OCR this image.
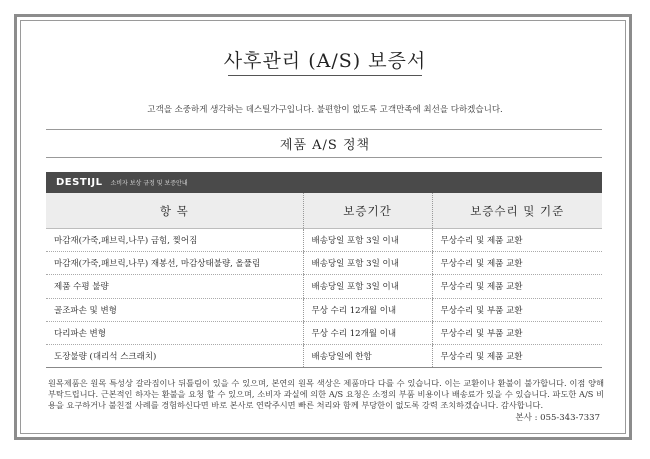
사후관리 (A/S) 보증서
고객을 소중하게 생각하는 데스틸가구입니다. 불편함이 없도록 고객만족에 최선을 다하겠습니다.
제품 A/S 정책
DESTIJL 소비자 보상 규정 및 보증안내
항 목	보증기간	보증수리 및 기준
마감재(가죽,패브릭,나무) 금힘, 찢어짐	배송당일 포함 3일 이내	무상수리 및 제품 교환
마감재(가죽,패브릭,나무) 재봉선, 마감상태불량, 올풀림	배송당일 포함 3일 이내	무상수리 및 제품 교환
제품 수평 불량	배송당일 포함 3일 이내	무상수리 및 제품 교환
골조파손 및 변형	무상 수리 12개월 이내	무상수리 및 부품 교환
다리파손 변형	무상 수리 12개월 이내	무상수리 및 부품 교환
도장불량 (대리석 스크래치)	배송당일에 한함	무상수리 및 제품 교환

원목제품은 원목 특성상 갈라짐이나 뒤틀림이 있을 수 있으며, 본연의 원목 색상은 제품마다 다를 수 있습니다. 이는 교환이나 환불이 불가합니다. 이점 양해 부탁드립니다. 근본적인 하자는 환불을 요청 할 수 있으며, 소비자 과실에 의한 A/S 요청은 소정의 부품 비용이나 배송료가 있을 수 있습니다. 파도한 A/S 비용을 요구하거나 불친절 사례를 경험하신다면 바로 본사로 연락주시면 빠른 처리와 함께 부당한이 없도록 강력 조치하겠습니다. 감사합니다.

본사 : 055-343-7337
